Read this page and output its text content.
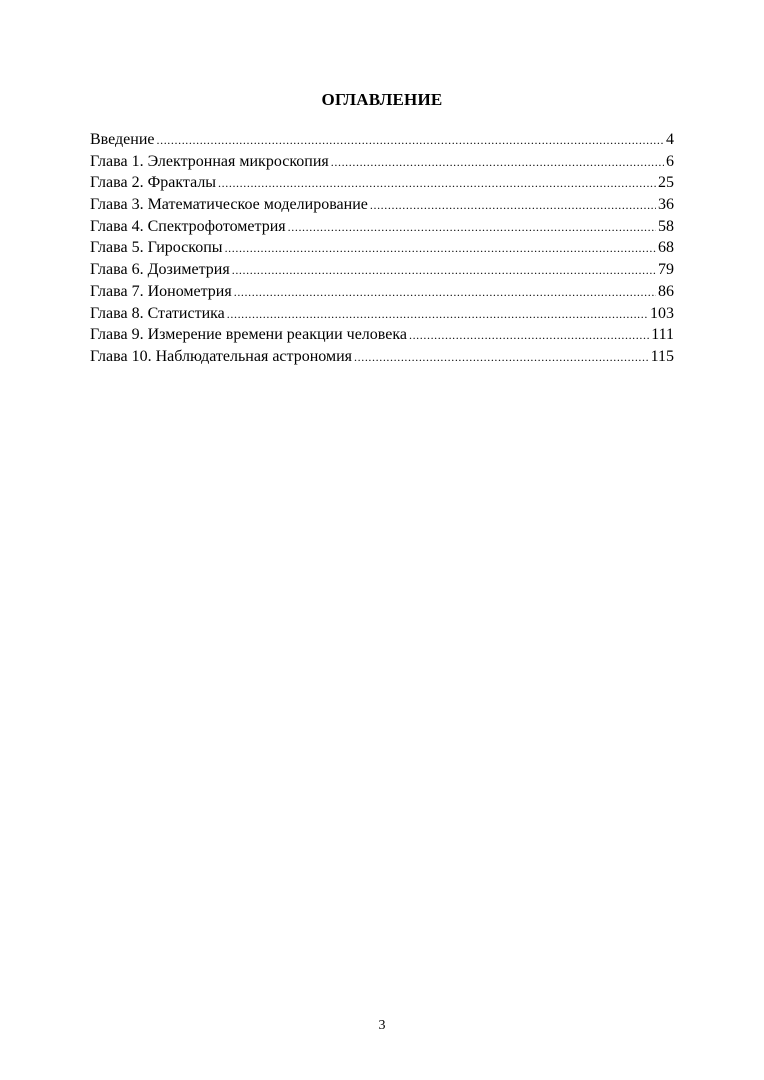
ОГЛАВЛЕНИЕ
Введение .....	4
Глава 1. Электронная микроскопия .....	6
Глава 2. Фракталы .....	25
Глава 3. Математическое моделирование .....	36
Глава 4. Спектрофотометрия .....	58
Глава 5. Гироскопы .....	68
Глава 6. Дозиметрия .....	79
Глава 7. Ионометрия .....	86
Глава 8. Статистика .....	103
Глава 9. Измерение времени реакции человека .....	111
Глава 10. Наблюдательная астрономия .....	115
3
